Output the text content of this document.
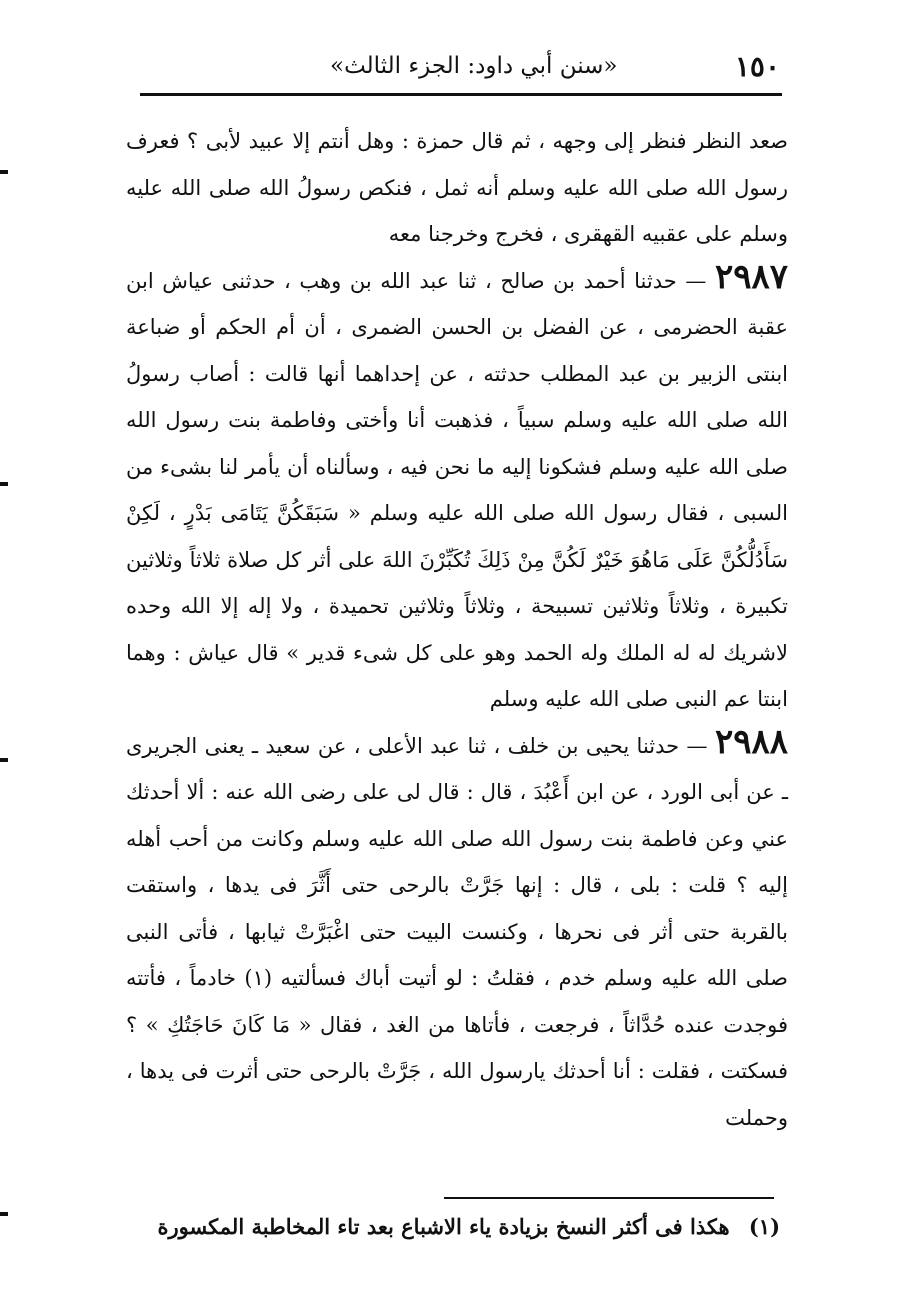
١٥٠
«سنن أبي داود: الجزء الثالث»

صعد النظر فنظر إلى وجهه ، ثم قال حمزة : وهل أنتم إلا عبيد لأبى ؟ فعرف رسول الله صلى الله عليه وسلم أنه ثمل ، فنكص رسولُ الله صلى الله عليه وسلم على عقبيه القهقرى ، فخرج وخرجنا معه

٢٩٨٧ — حدثنا أحمد بن صالح ، ثنا عبد الله بن وهب ، حدثنى عياش ابن عقبة الحضرمى ، عن الفضل بن الحسن الضمرى ، أن أم الحكم أو ضباعة ابنتى الزبير بن عبد المطلب حدثته ، عن إحداهما أنها قالت : أصاب رسولُ الله صلى الله عليه وسلم سبياً ، فذهبت أنا وأختى وفاطمة بنت رسول الله صلى الله عليه وسلم فشكونا إليه ما نحن فيه ، وسألناه أن يأمر لنا بشىء من السبى ، فقال رسول الله صلى الله عليه وسلم « سَبَقَكُنَّ يَتَامَى بَدْرٍ ، لَكِنْ سَأَدُلُّكُنَّ عَلَى مَاهُوَ خَيْرٌ لَكُنَّ مِنْ ذَلِكَ تُكَبِّرْنَ اللهَ على أثر كل صلاة ثلاثاً وثلاثين تكبيرة ، وثلاثاً وثلاثين تسبيحة ، وثلاثاً وثلاثين تحميدة ، ولا إله إلا الله وحده لاشريك له له الملك وله الحمد وهو على كل شىء قدير » قال عياش : وهما ابنتا عم النبى صلى الله عليه وسلم

٢٩٨٨ — حدثنا يحيى بن خلف ، ثنا عبد الأعلى ، عن سعيد ـ يعنى الجريرى ـ عن أبى الورد ، عن ابن أَعْبُدَ ، قال : قال لى على رضى الله عنه : ألا أحدثك عني وعن فاطمة بنت رسول الله صلى الله عليه وسلم وكانت من أحب أهله إليه ؟ قلت : بلى ، قال : إنها جَرَّتْ بالرحى حتى أَثَّرَ فى يدها ، واستقت بالقربة حتى أثر فى نحرها ، وكنست البيت حتى اغْبَرَّتْ ثيابها ، فأتى النبى صلى الله عليه وسلم خدم ، فقلتُ : لو أتيت أباك فسألتيه (١) خادماً ، فأتته فوجدت عنده حُدَّاثاً ، فرجعت ، فأتاها من الغد ، فقال « مَا كَانَ حَاجَتُكِ » ؟ فسكتت ، فقلت : أنا أحدثك يارسول الله ، جَرَّتْ بالرحى حتى أثرت فى يدها ، وحملت

(١) هكذا فى أكثر النسخ بزيادة ياء الاشباع بعد تاء المخاطبة المكسورة
